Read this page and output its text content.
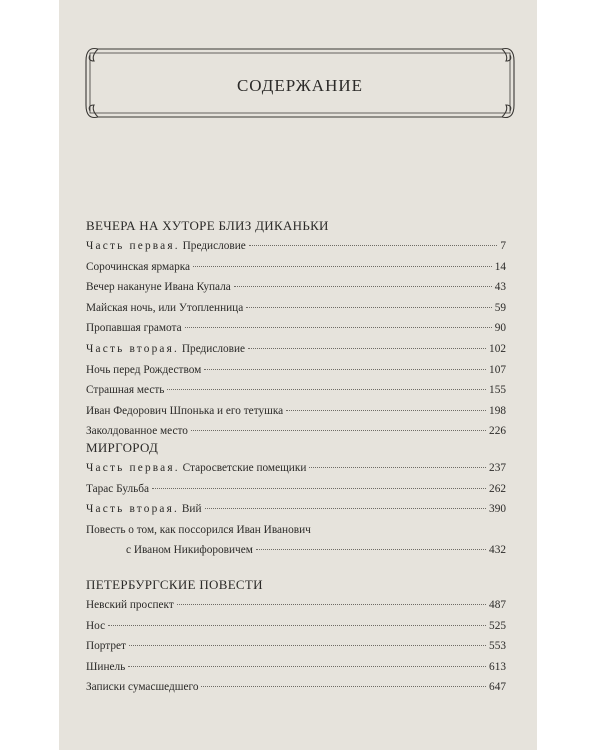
СОДЕРЖАНИЕ
ВЕЧЕРА НА ХУТОРЕ БЛИЗ ДИКАНЬКИ
Часть первая. Предисловие	7
Сорочинская ярмарка	14
Вечер накануне Ивана Купала	43
Майская ночь, или Утопленница	59
Пропавшая грамота	90
Часть вторая. Предисловие	102
Ночь перед Рождеством	107
Страшная месть	155
Иван Федорович Шпонька и его тетушка	198
Заколдованное место	226
МИРГОРОД
Часть первая. Старосветские помещики	237
Тарас Бульба	262
Часть вторая. Вий	390
Повесть о том, как поссорился Иван Иванович
с Иваном Никифоровичем	432
ПЕТЕРБУРГСКИЕ ПОВЕСТИ
Невский проспект	487
Нос	525
Портрет	553
Шинель	613
Записки сумасшедшего	647
